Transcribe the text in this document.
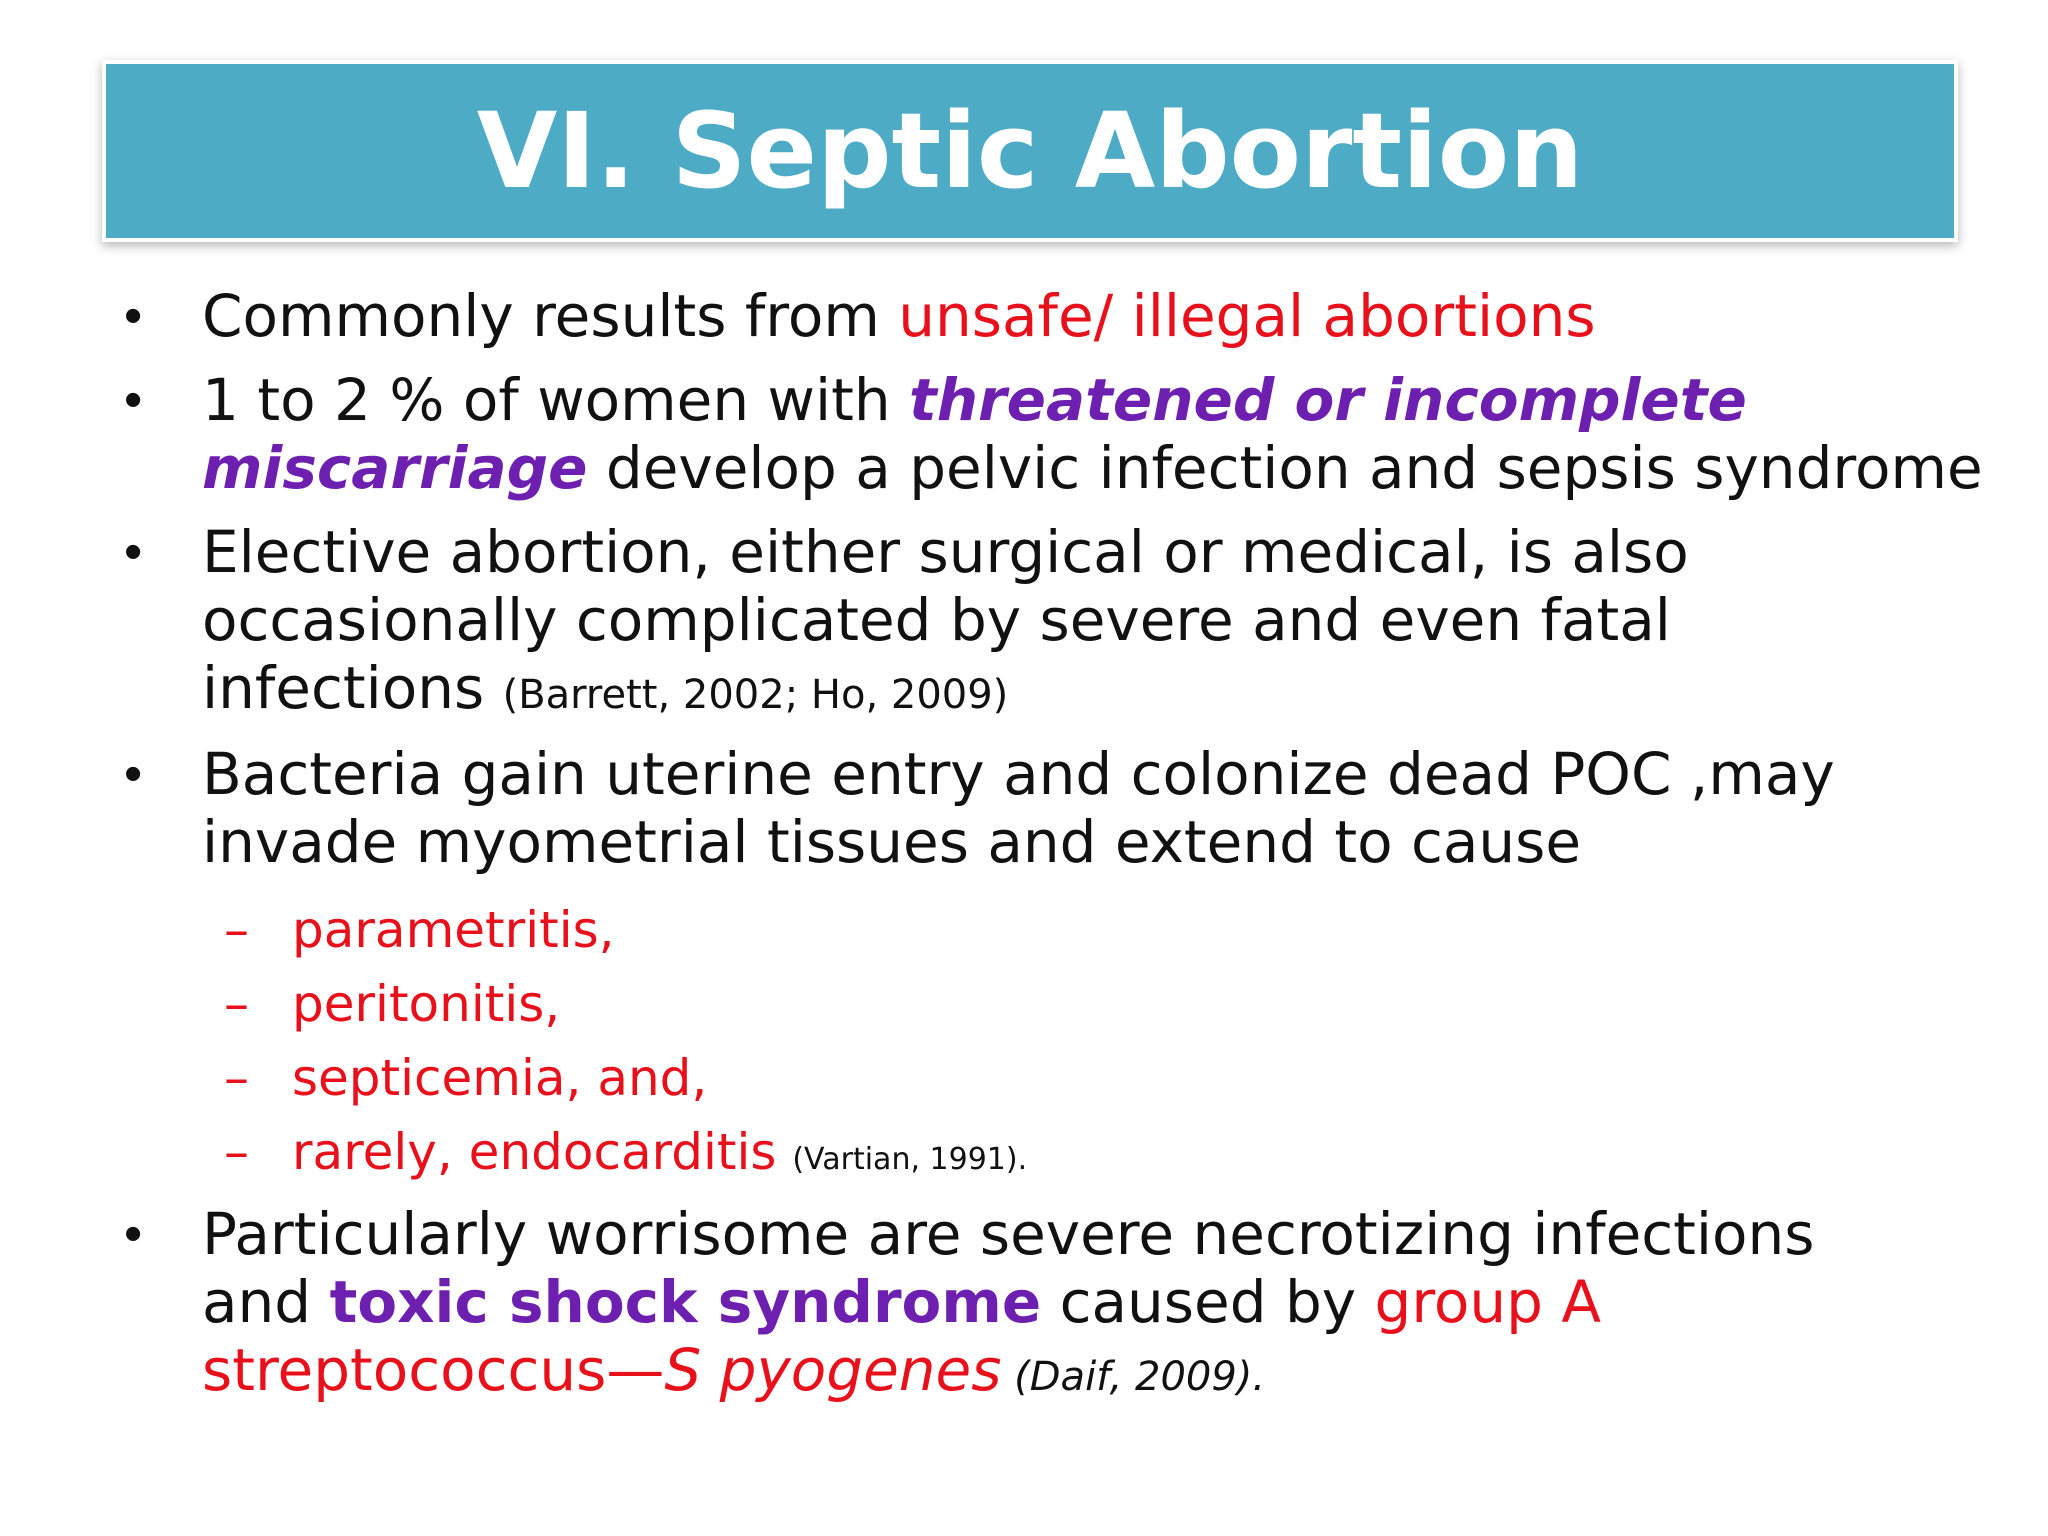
VI. Septic Abortion
•	Commonly results from unsafe/ illegal abortions
•	1 to 2 % of women with threatened or incomplete
miscarriage develop a pelvic infection and sepsis syndrome
•	Elective abortion, either surgical or medical, is also
occasionally complicated by severe and even fatal
infections (Barrett, 2002; Ho, 2009)
•	Bacteria gain uterine entry and colonize dead POC ,may
invade myometrial tissues and extend to cause
– parametritis,
– peritonitis,
– septicemia, and,
– rarely, endocarditis (Vartian, 1991).
•	Particularly worrisome are severe necrotizing infections
and toxic shock syndrome caused by group A
streptococcus—S pyogenes (Daif, 2009).
